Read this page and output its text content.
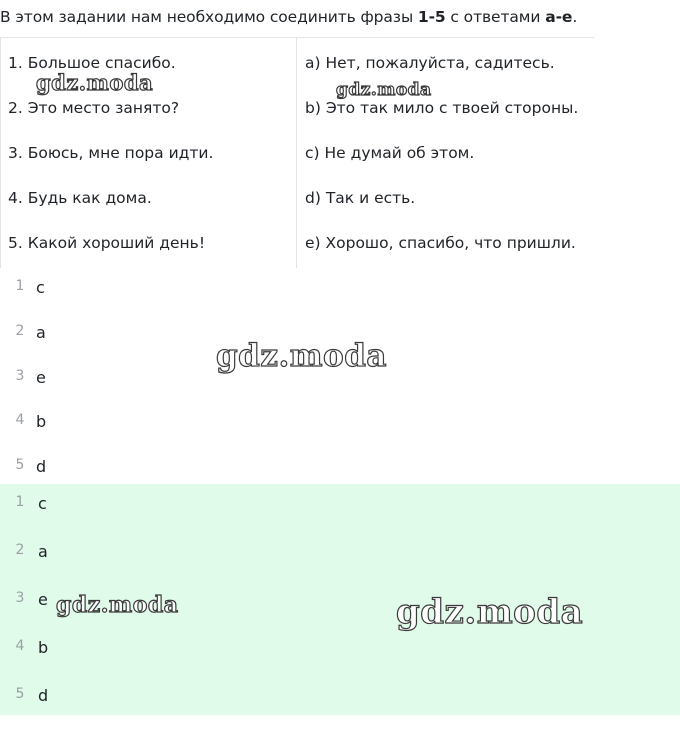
В этом задании нам необходимо соединить фразы 1-5 с ответами a-e.
1. Большое спасибо.
2. Это место занято?
3. Боюсь, мне пора идти.
4. Будь как дома.
5. Какой хороший день!
a) Нет, пожалуйста, садитесь.
b) Это так мило с твоей стороны.
c) Не думай об этом.
d) Так и есть.
e) Хорошо, спасибо, что пришли.
1 c
2 a
3 e
4 b
5 d
1 c
2 a
3 e
4 b
5 d
gdz.moda	gdz.moda
gdz.moda
gdz.moda	gdz.moda
